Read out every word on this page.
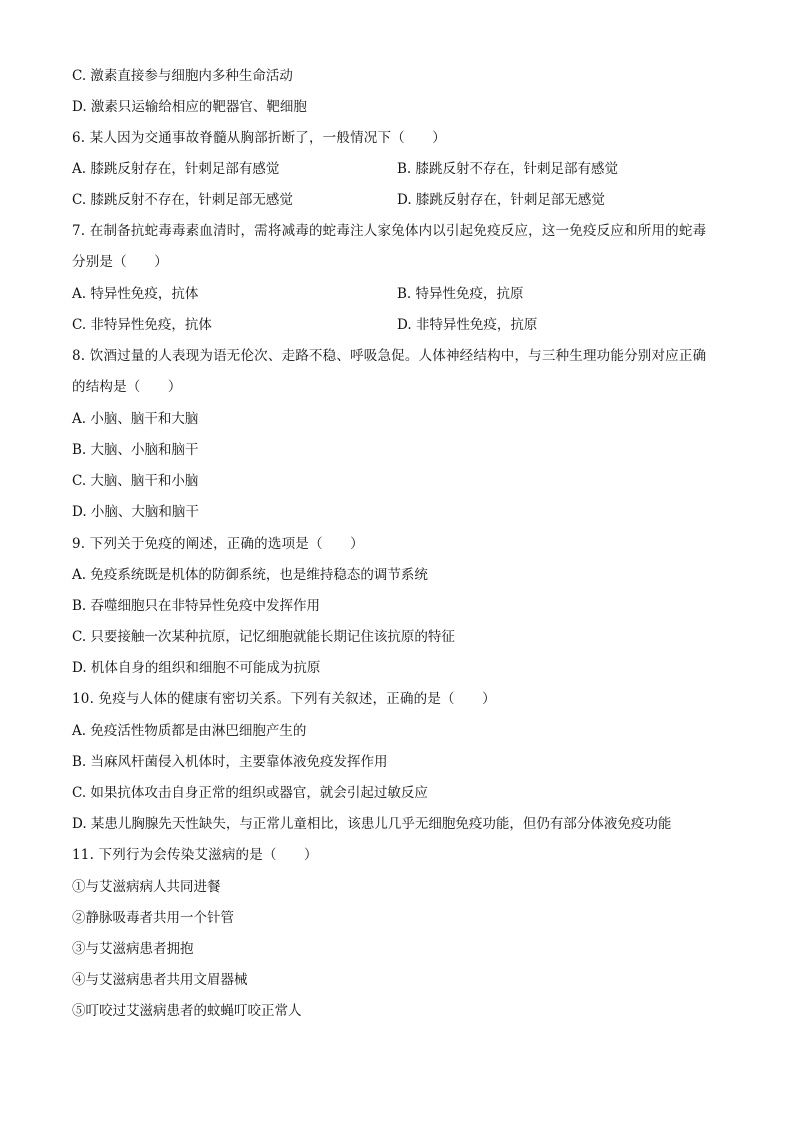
C. 激素直接参与细胞内多种生命活动
D. 激素只运输给相应的靶器官、靶细胞
6. 某人因为交通事故脊髓从胸部折断了，一般情况下（　　）
A. 膝跳反射存在，针刺足部有感觉	B. 膝跳反射不存在，针刺足部有感觉
C. 膝跳反射不存在，针刺足部无感觉	D. 膝跳反射存在，针刺足部无感觉
7. 在制备抗蛇毒毒素血清时，需将减毒的蛇毒注人家兔体内以引起免疫反应，这一免疫反应和所用的蛇毒
分别是（　　）
A. 特异性免疫，抗体	B. 特异性免疫，抗原
C. 非特异性免疫，抗体	D. 非特异性免疫，抗原
8. 饮酒过量的人表现为语无伦次、走路不稳、呼吸急促。人体神经结构中，与三种生理功能分别对应正确
的结构是（　　）
A. 小脑、脑干和大脑
B. 大脑、小脑和脑干
C. 大脑、脑干和小脑
D. 小脑、大脑和脑干
9. 下列关于免疫的阐述，正确的选项是（　　）
A. 免疫系统既是机体的防御系统，也是维持稳态的调节系统
B. 吞噬细胞只在非特异性免疫中发挥作用
C. 只要接触一次某种抗原，记忆细胞就能长期记住该抗原的特征
D. 机体自身的组织和细胞不可能成为抗原
10. 免疫与人体的健康有密切关系。下列有关叙述，正确的是（　　）
A. 免疫活性物质都是由淋巴细胞产生的
B. 当麻风杆菌侵入机体时，主要靠体液免疫发挥作用
C. 如果抗体攻击自身正常的组织或器官，就会引起过敏反应
D. 某患儿胸腺先天性缺失，与正常儿童相比，该患儿几乎无细胞免疫功能，但仍有部分体液免疫功能
11. 下列行为会传染艾滋病的是（　　）
①与艾滋病病人共同进餐
②静脉吸毒者共用一个针管
③与艾滋病患者拥抱
④与艾滋病患者共用文眉器械
⑤叮咬过艾滋病患者的蚊蝇叮咬正常人
